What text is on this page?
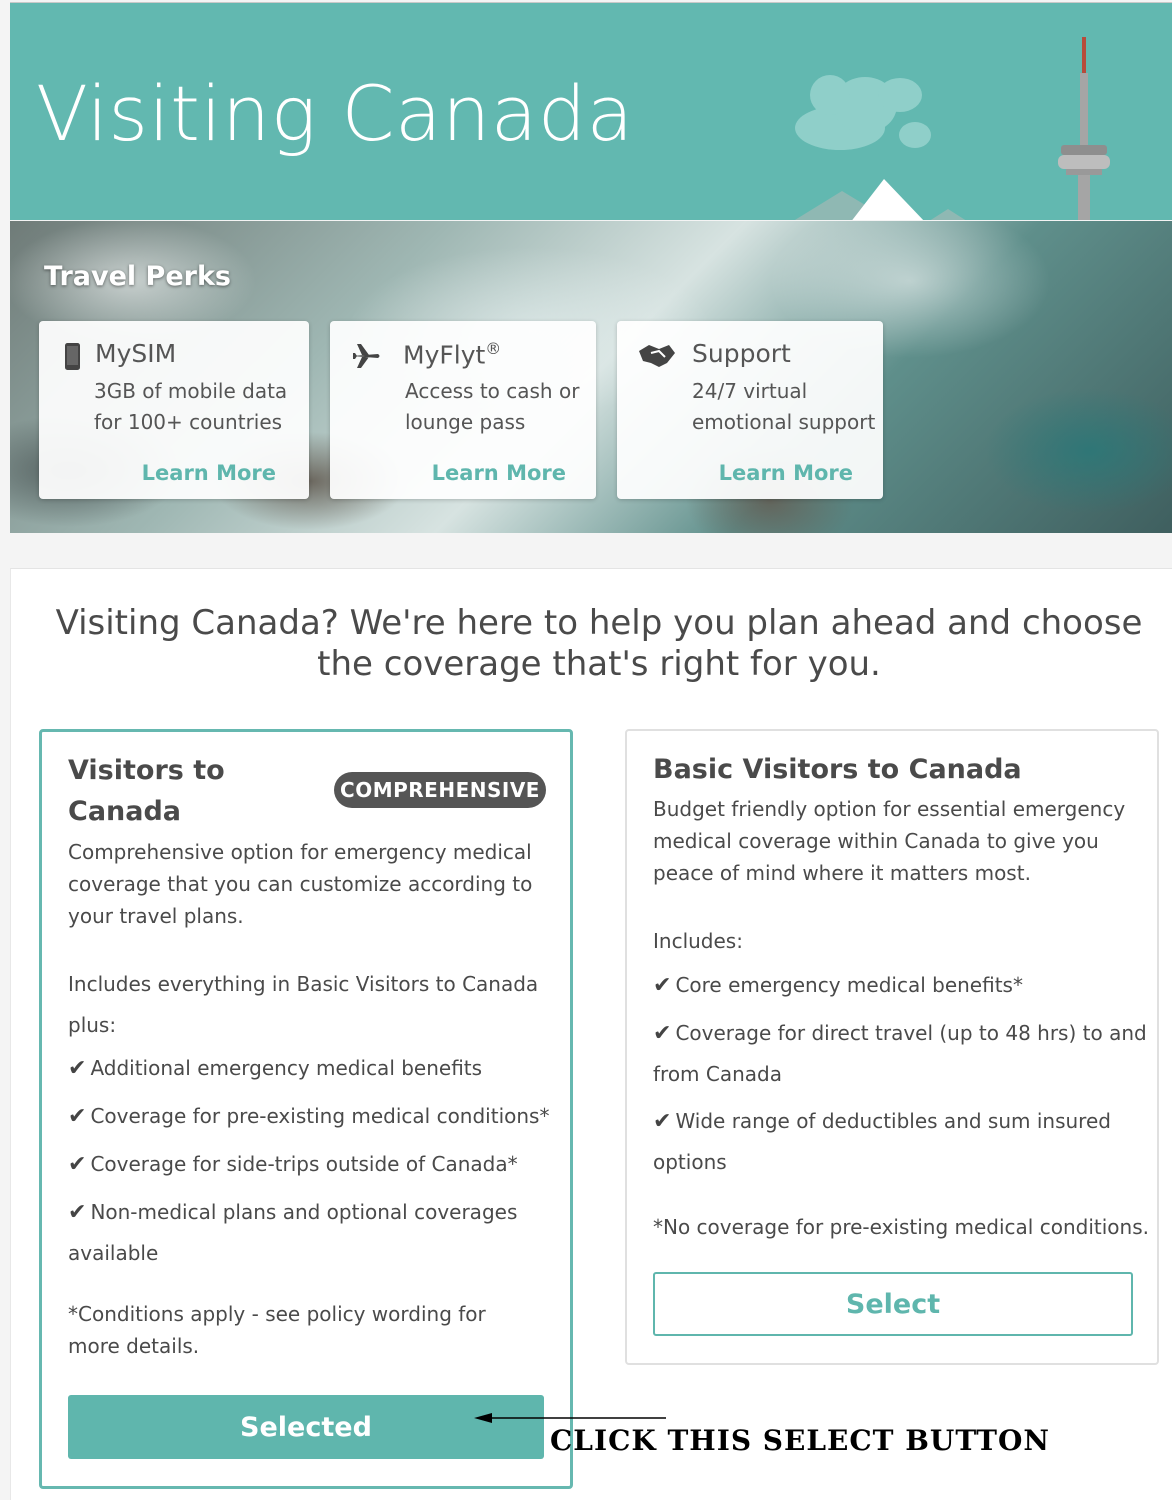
Visiting Canada
Travel Perks
MySIM
3GB of mobile data
for 100+ countries
Learn More
MyFlyt®
Access to cash or
lounge pass
Learn More
Support
24/7 virtual
emotional support
Learn More
Visiting Canada? We're here to help you plan ahead and choose the coverage that's right for you.
Visitors to
Canada
COMPREHENSIVE
Comprehensive option for emergency medical coverage that you can customize according to your travel plans.
Includes everything in Basic Visitors to Canada
plus:
✔ Additional emergency medical benefits
✔ Coverage for pre-existing medical conditions*
✔ Coverage for side-trips outside of Canada*
✔ Non-medical plans and optional coverages
available
*Conditions apply - see policy wording for more details.
Selected
Basic Visitors to Canada
Budget friendly option for essential emergency medical coverage within Canada to give you peace of mind where it matters most.
Includes:
✔ Core emergency medical benefits*
✔ Coverage for direct travel (up to 48 hrs) to and
from Canada
✔ Wide range of deductibles and sum insured
options
*No coverage for pre-existing medical conditions.
Select
CLICK THIS SELECT BUTTON
